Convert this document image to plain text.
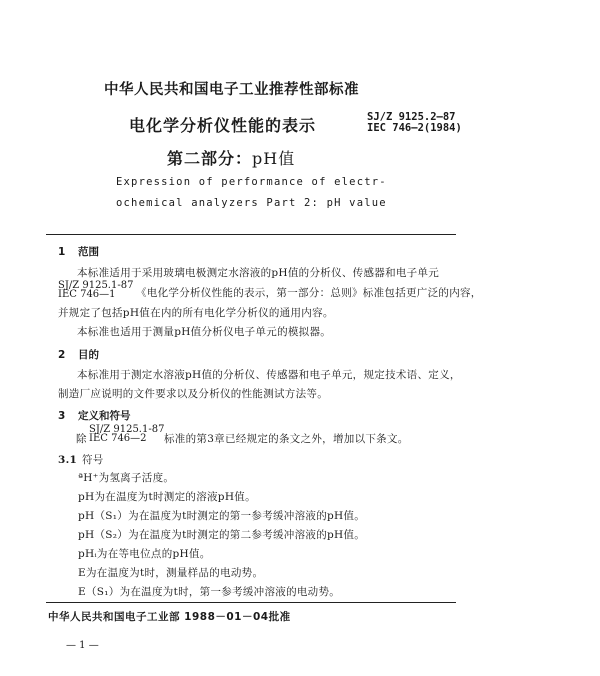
中华人民共和国电子工业推荐性部标准
电化学分析仪性能的表示
第二部分：pH值
SJ/Z 9125.2—87
IEC 746—2(1984)
Expression of performance of electr-
ochemical analyzers Part 2: pH value
1 范围
本标准适用于采用玻璃电极测定水溶液的pH值的分析仪、传感器和电子单元
SJ/Z 9125.1-87
IEC 746—1	《电化学分析仪性能的表示，第一部分：总则》标准包括更广泛的内容，
并规定了包括pH值在内的所有电化学分析仪的通用内容。
本标准也适用于测量pH值分析仪电子单元的模拟器。
2 目的
本标准用于测定水溶液pH值的分析仪、传感器和电子单元，规定技术语、定义，
制造厂应说明的文件要求以及分析仪的性能测试方法等。
3 定义和符号
除
SJ/Z 9125.1-87
IEC 746—2	标准的第3章已经规定的条文之外，增加以下条文。
3.1 符号
ªH⁺为氢离子活度。
pH为在温度为t时测定的溶液pH值。
pH（S₁）为在温度为t时测定的第一参考缓冲溶液的pH值。
pH（S₂）为在温度为t时测定的第二参考缓冲溶液的pH值。
pHᵢ为在等电位点的pH值。
E为在温度为t时，测量样品的电动势。
E（S₁）为在温度为t时，第一参考缓冲溶液的电动势。
中华人民共和国电子工业部 1988－01－04批准
— 1 —
